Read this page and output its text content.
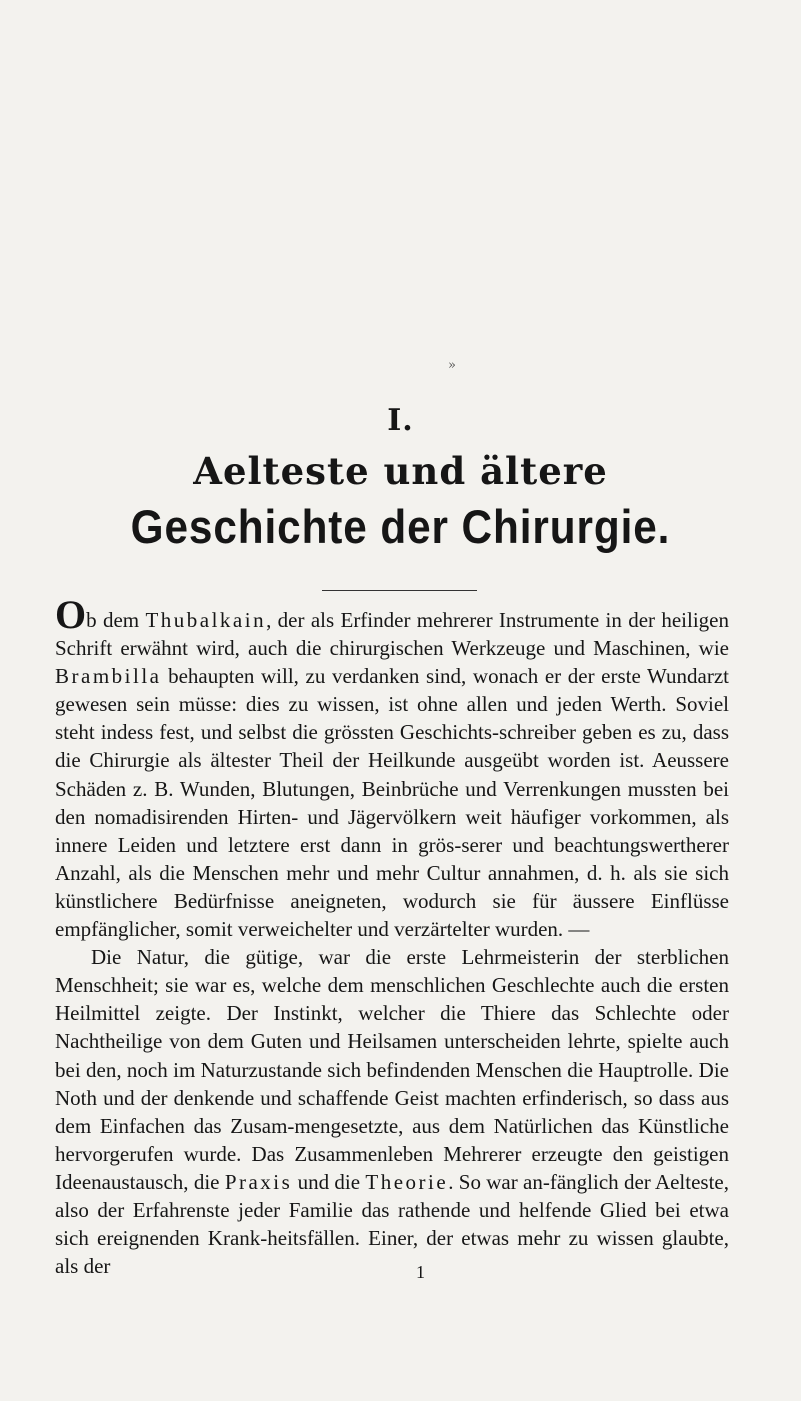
»
I.
Aelteste und ältere
Geschichte der Chirurgie.

Ob dem Thubalkain, der als Erfinder mehrerer Instrumente in der heiligen Schrift erwähnt wird, auch die chirurgischen Werkzeuge und Maschinen, wie Brambilla behaupten will, zu verdanken sind, wonach er der erste Wundarzt gewesen sein müsse: dies zu wissen, ist ohne allen und jeden Werth. Soviel steht indess fest, und selbst die grössten Geschichts-schreiber geben es zu, dass die Chirurgie als ältester Theil der Heilkunde ausgeübt worden ist. Aeussere Schäden z. B. Wunden, Blutungen, Beinbrüche und Verrenkungen mussten bei den nomadisirenden Hirten- und Jägervölkern weit häufiger vorkommen, als innere Leiden und letztere erst dann in grös-serer und beachtungswertherer Anzahl, als die Menschen mehr und mehr Cultur annahmen, d. h. als sie sich künstlichere Bedürfnisse aneigneten, wodurch sie für äussere Einflüsse empfänglicher, somit verweichelter und verzärtelter wurden. —

Die Natur, die gütige, war die erste Lehrmeisterin der sterblichen Menschheit; sie war es, welche dem menschlichen Geschlechte auch die ersten Heilmittel zeigte. Der Instinkt, welcher die Thiere das Schlechte oder Nachtheilige von dem Guten und Heilsamen unterscheiden lehrte, spielte auch bei den, noch im Naturzustande sich befindenden Menschen die Hauptrolle. Die Noth und der denkende und schaffende Geist machten erfinderisch, so dass aus dem Einfachen das Zusam-mengesetzte, aus dem Natürlichen das Künstliche hervorgerufen wurde. Das Zusammenleben Mehrerer erzeugte den geistigen Ideenaustausch, die Praxis und die Theorie. So war an-fänglich der Aelteste, also der Erfahrenste jeder Familie das rathende und helfende Glied bei etwa sich ereignenden Krank-heitsfällen. Einer, der etwas mehr zu wissen glaubte, als der	1
